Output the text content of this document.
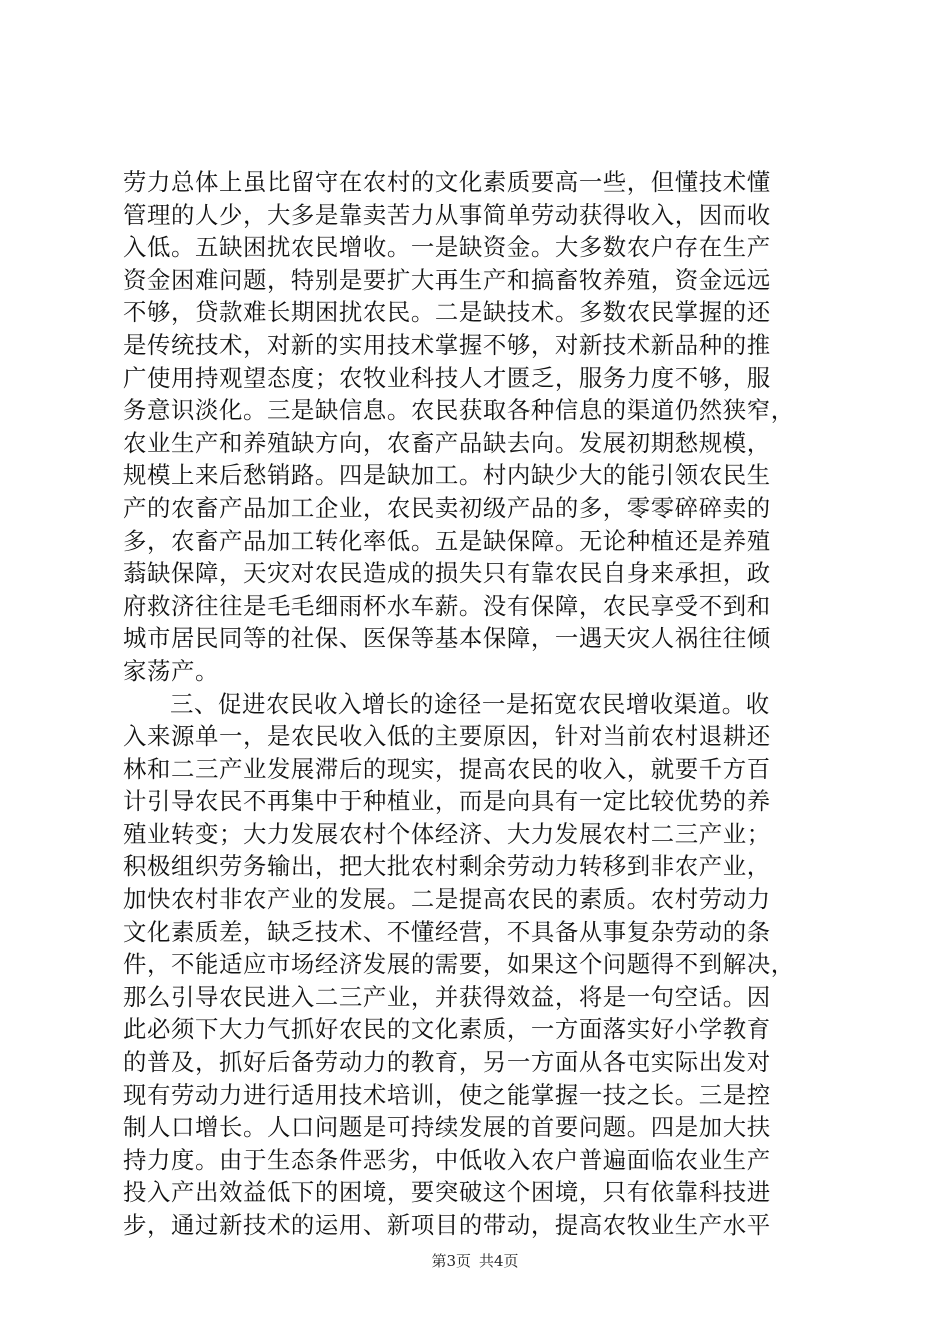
劳力总体上虽比留守在农村的文化素质要高一些，但懂技术懂
管理的人少，大多是靠卖苦力从事简单劳动获得收入，因而收
入低。五缺困扰农民增收。一是缺资金。大多数农户存在生产
资金困难问题，特别是要扩大再生产和搞畜牧养殖，资金远远
不够，贷款难长期困扰农民。二是缺技术。多数农民掌握的还
是传统技术，对新的实用技术掌握不够，对新技术新品种的推
广使用持观望态度；农牧业科技人才匮乏，服务力度不够，服
务意识淡化。三是缺信息。农民获取各种信息的渠道仍然狭窄，
农业生产和养殖缺方向，农畜产品缺去向。发展初期愁规模，
规模上来后愁销路。四是缺加工。村内缺少大的能引领农民生
产的农畜产品加工企业，农民卖初级产品的多，零零碎碎卖的
多，农畜产品加工转化率低。五是缺保障。无论种植还是养殖
蓊缺保障，天灾对农民造成的损失只有靠农民自身来承担，政
府救济往往是毛毛细雨杯水车薪。没有保障，农民享受不到和
城市居民同等的社保、医保等基本保障，一遇天灾人祸往往倾
家荡产。
三、促进农民收入增长的途径一是拓宽农民增收渠道。收
入来源单一，是农民收入低的主要原因，针对当前农村退耕还
林和二三产业发展滞后的现实，提高农民的收入，就要千方百
计引导农民不再集中于种植业，而是向具有一定比较优势的养
殖业转变；大力发展农村个体经济、大力发展农村二三产业；
积极组织劳务输出，把大批农村剩余劳动力转移到非农产业，
加快农村非农产业的发展。二是提高农民的素质。农村劳动力
文化素质差，缺乏技术、不懂经营，不具备从事复杂劳动的条
件，不能适应市场经济发展的需要，如果这个问题得不到解决，
那么引导农民进入二三产业，并获得效益，将是一句空话。因
此必须下大力气抓好农民的文化素质，一方面落实好小学教育
的普及，抓好后备劳动力的教育，另一方面从各屯实际出发对
现有劳动力进行适用技术培训，使之能掌握一技之长。三是控
制人口增长。人口问题是可持续发展的首要问题。四是加大扶
持力度。由于生态条件恶劣，中低收入农户普遍面临农业生产
投入产出效益低下的困境，要突破这个困境，只有依靠科技进
步，通过新技术的运用、新项目的带动，提高农牧业生产水平
第3页 共4页
